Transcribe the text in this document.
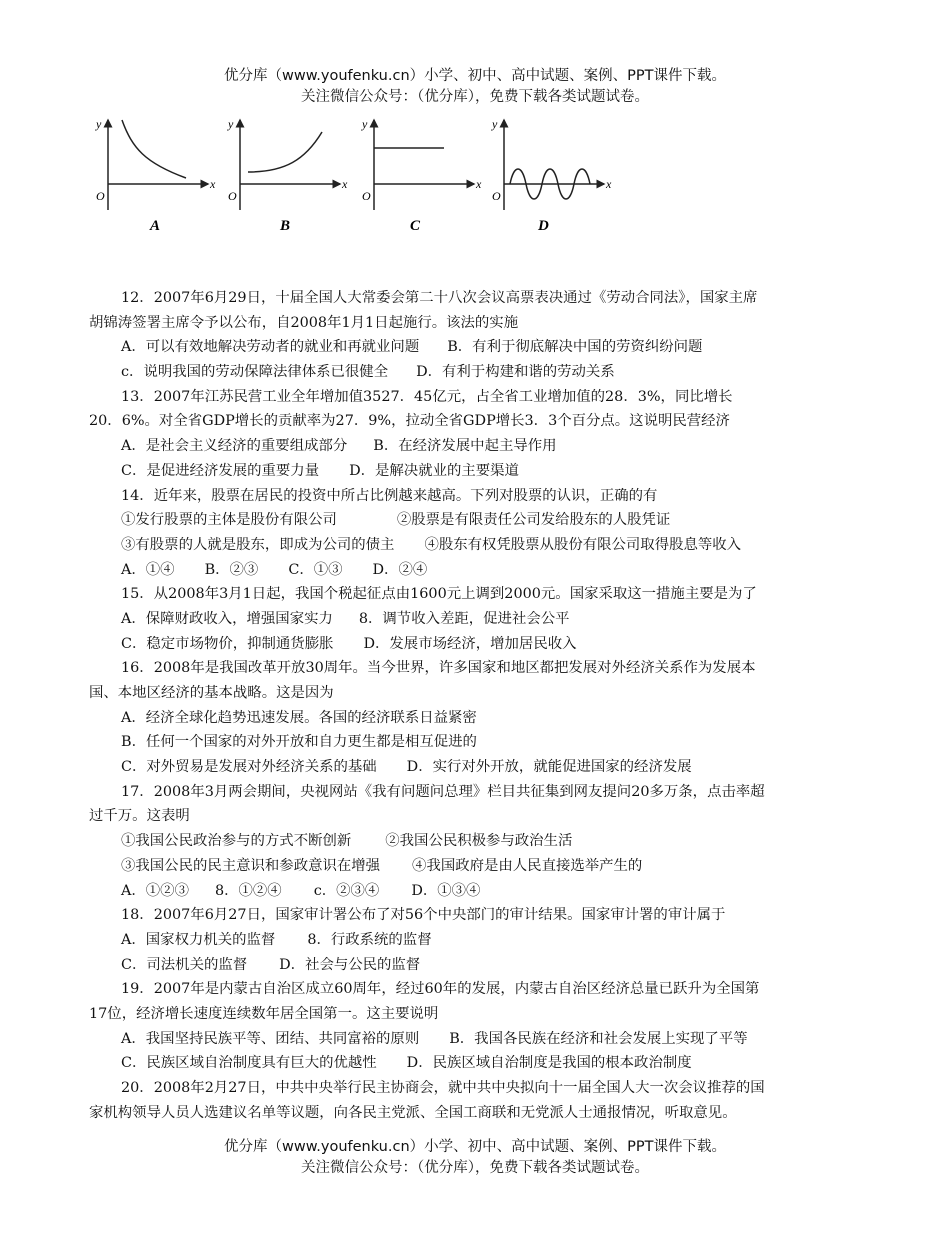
优分库（www.youfenku.cn）小学、初中、高中试题、案例、PPT课件下载。
关注微信公众号：（优分库），免费下载各类试题试卷。
y
x
O
y
x
O
y
x
O
y
x
O
A	B	C	D
12．2007年6月29日，十届全国人大常委会第二十八次会议高票表决通过《劳动合同法》，国家主席
胡锦涛签署主席令予以公布，自2008年1月1日起施行。该法的实施
A．可以有效地解决劳动者的就业和再就业问题 B．有利于彻底解决中国的劳资纠纷问题
c．说明我国的劳动保障法律体系已很健全 D．有利于构建和谐的劳动关系
13．2007年江苏民营工业全年增加值3527．45亿元，占全省工业增加值的28．3%，同比增长
20．6%。对全省GDP增长的贡献率为27．9%，拉动全省GDP增长3．3个百分点。这说明民营经济
A．是社会主义经济的重要组成部分 B．在经济发展中起主导作用
C．是促进经济发展的重要力量 D．是解决就业的主要渠道
14．近年来，股票在居民的投资中所占比例越来越高。下列对股票的认识，正确的有
①发行股票的主体是股份有限公司	②股票是有限责任公司发给股东的人股凭证
③有股票的人就是股东，即成为公司的债主 ④股东有权凭股票从股份有限公司取得股息等收入
A．①④ B．②③ C．①③ D．②④
15．从2008年3月1日起，我国个税起征点由1600元上调到2000元。国家采取这一措施主要是为了
A．保障财政收入，增强国家实力 8．调节收入差距，促进社会公平
C．稳定市场物价，抑制通货膨胀 D．发展市场经济，增加居民收入
16．2008年是我国改革开放30周年。当今世界，许多国家和地区都把发展对外经济关系作为发展本
国、本地区经济的基本战略。这是因为
A．经济全球化趋势迅速发展。各国的经济联系日益紧密
B．任何一个国家的对外开放和自力更生都是相互促进的
C．对外贸易是发展对外经济关系的基础 D．实行对外开放，就能促进国家的经济发展
17．2008年3月两会期间，央视网站《我有问题问总理》栏目共征集到网友提问20多万条，点击率超
过千万。这表明
①我国公民政治参与的方式不断创新 ②我国公民积极参与政治生活
③我国公民的民主意识和参政意识在增强 ④我国政府是由人民直接选举产生的
A．①②③ 8．①②④ c．②③④ D．①③④
18．2007年6月27日，国家审计署公布了对56个中央部门的审计结果。国家审计署的审计属于
A．国家权力机关的监督 8．行政系统的监督
C．司法机关的监督 D．社会与公民的监督
19．2007年是内蒙古自治区成立60周年，经过60年的发展，内蒙古自治区经济总量已跃升为全国第
17位，经济增长速度连续数年居全国第一。这主要说明
A．我国坚持民族平等、团结、共同富裕的原则 B．我国各民族在经济和社会发展上实现了平等
C．民族区域自治制度具有巨大的优越性 D．民族区域自治制度是我国的根本政治制度
20．2008年2月27日，中共中央举行民主协商会，就中共中央拟向十一届全国人大一次会议推荐的国
家机构领导人员人选建议名单等议题，向各民主党派、全国工商联和无党派人士通报情况，听取意见。
优分库（www.youfenku.cn）小学、初中、高中试题、案例、PPT课件下载。
关注微信公众号：（优分库），免费下载各类试题试卷。
